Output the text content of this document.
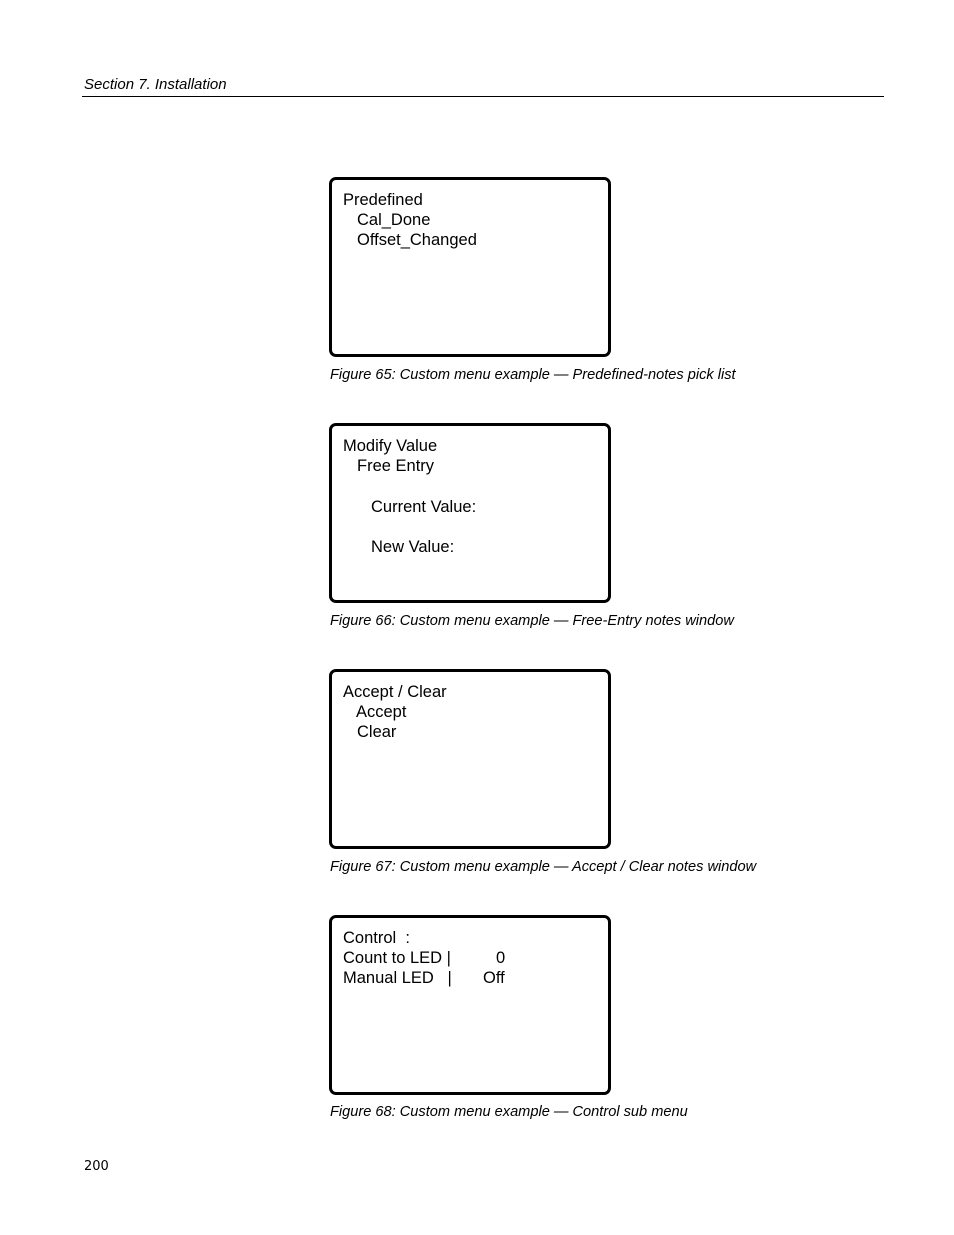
Section 7. Installation
Predefined
Cal_Done
Offset_Changed
Figure 65: Custom menu example — Predefined-notes pick list
Modify Value
Free Entry
Current Value:
New Value:
Figure 66: Custom menu example — Free-Entry notes window
Accept / Clear
Accept
Clear
Figure 67: Custom menu example — Accept / Clear notes window
Control  :
Count to LED |	0
Manual LED   | Off
Figure 68: Custom menu example — Control sub menu
200
